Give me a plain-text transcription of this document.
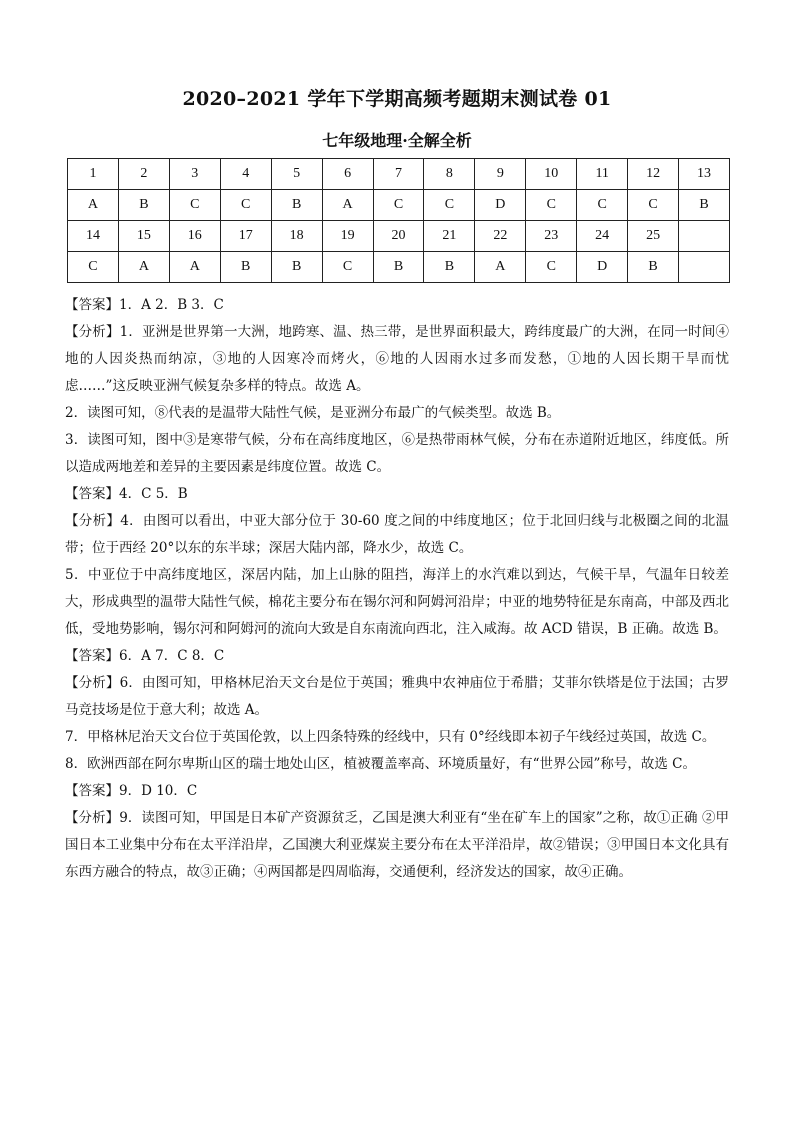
2020–2021 学年下学期高频考题期末测试卷 01
七年级地理·全解全析
1	2	3	4	5	6	7	8	9	10	11	12	13
A	B	C	C	B	A	C	C	D	C	C	C	B
14	15	16	17	18	19	20	21	22	23	24	25	
C	A	A	B	B	C	B	B	A	C	D	B	

【答案】1．A 2．B 3．C

【分析】1．亚洲是世界第一大洲，地跨寒、温、热三带，是世界面积最大，跨纬度最广的大洲，在同一时间④地的人因炎热而纳凉，③地的人因寒冷而烤火，⑥地的人因雨水过多而发愁，①地的人因长期干旱而忧虑……”这反映亚洲气候复杂多样的特点。故选 A。

2．读图可知，⑧代表的是温带大陆性气候，是亚洲分布最广的气候类型。故选 B。

3．读图可知，图中③是寒带气候，分布在高纬度地区，⑥是热带雨林气候，分布在赤道附近地区，纬度低。所以造成两地差和差异的主要因素是纬度位置。故选 C。

【答案】4．C 5．B

【分析】4．由图可以看出，中亚大部分位于 30-60 度之间的中纬度地区；位于北回归线与北极圈之间的北温带；位于西经 20°以东的东半球；深居大陆内部，降水少，故选 C。

5．中亚位于中高纬度地区，深居内陆，加上山脉的阻挡，海洋上的水汽难以到达，气候干旱，气温年日较差大，形成典型的温带大陆性气候，棉花主要分布在锡尔河和阿姆河沿岸；中亚的地势特征是东南高，中部及西北低，受地势影响，锡尔河和阿姆河的流向大致是自东南流向西北，注入咸海。故 ACD 错误，B 正确。故选 B。

【答案】6．A 7．C 8．C

【分析】6．由图可知，甲格林尼治天文台是位于英国；雅典中农神庙位于希腊；艾菲尔铁塔是位于法国；古罗马竞技场是位于意大利；故选 A。

7．甲格林尼治天文台位于英国伦敦，以上四条特殊的经线中，只有 0°经线即本初子午线经过英国，故选 C。

8．欧洲西部在阿尔卑斯山区的瑞士地处山区，植被覆盖率高、环境质量好，有“世界公园”称号，故选 C。

【答案】9．D 10．C

【分析】9．读图可知，甲国是日本矿产资源贫乏，乙国是澳大利亚有“坐在矿车上的国家”之称，故①正确 ②甲国日本工业集中分布在太平洋沿岸，乙国澳大利亚煤炭主要分布在太平洋沿岸，故②错误；③甲国日本文化具有东西方融合的特点，故③正确；④两国都是四周临海，交通便利，经济发达的国家，故④正确。
